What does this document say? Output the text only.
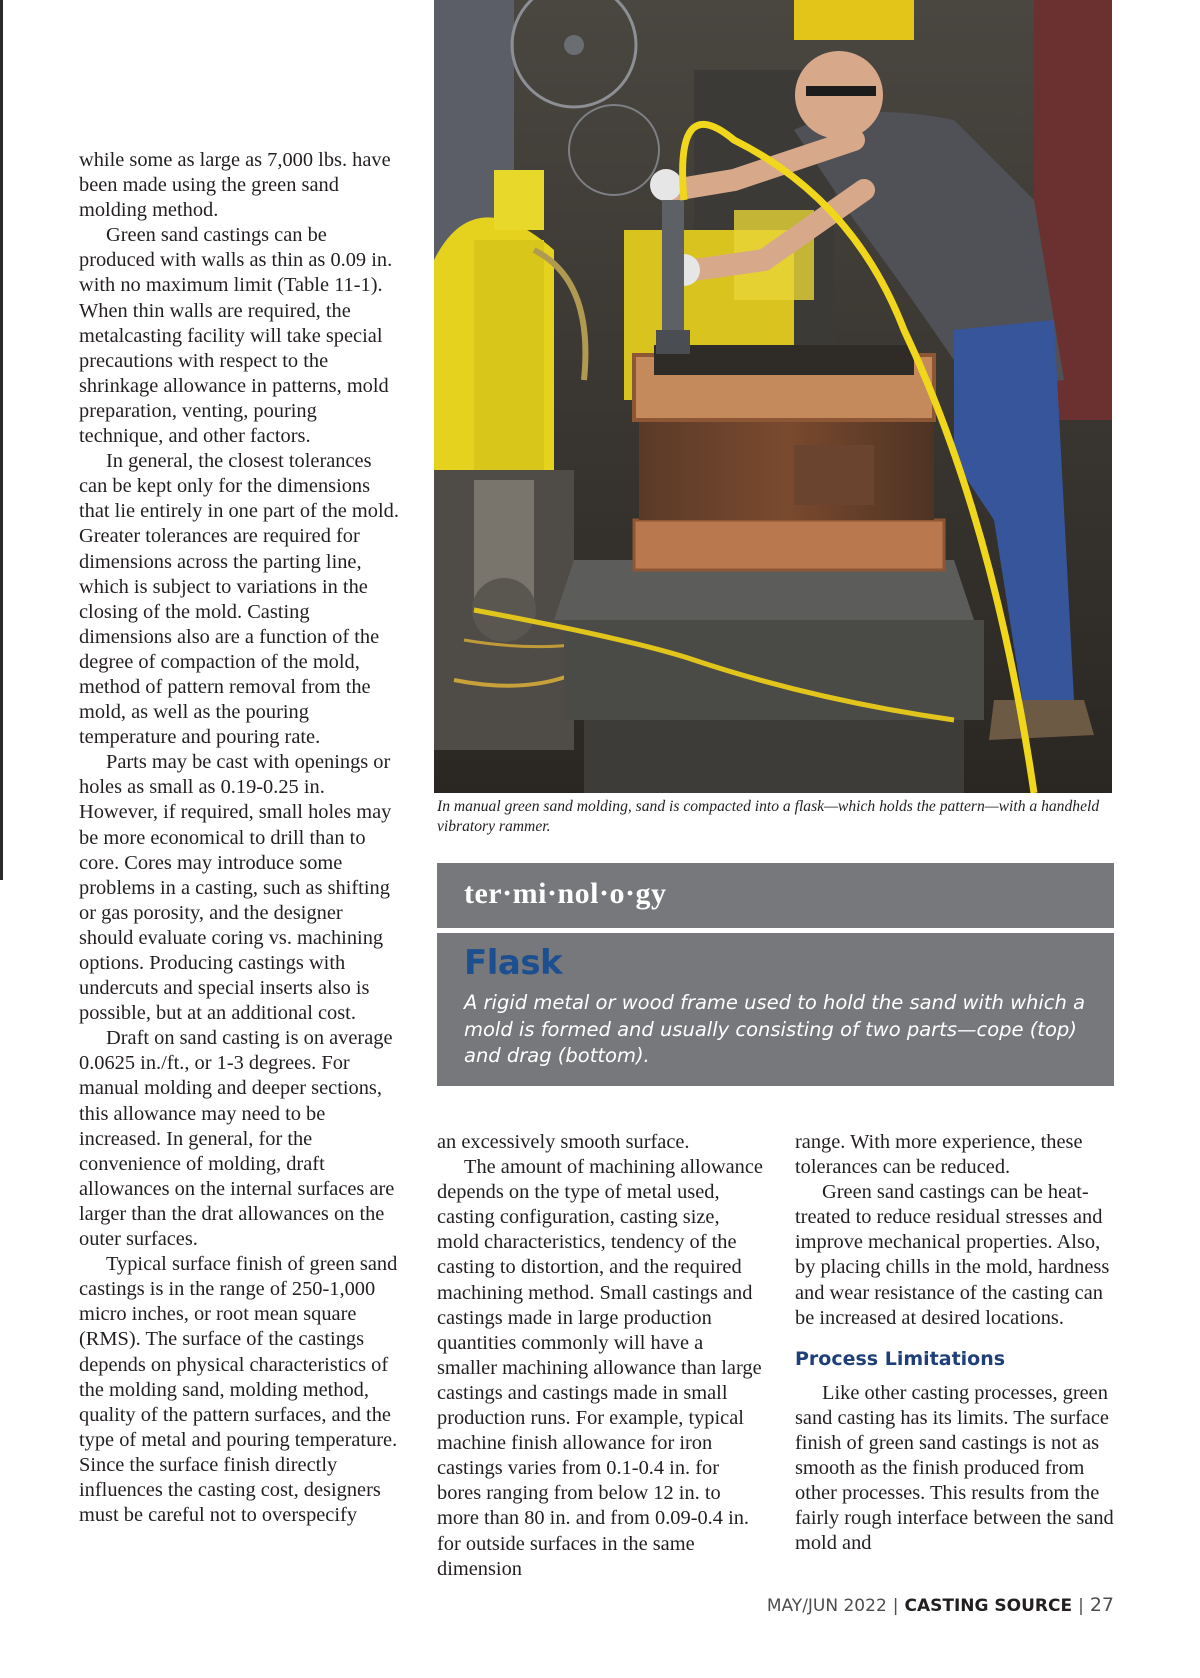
while some as large as 7,000 lbs. have been made using the green sand molding method.

Green sand castings can be produced with walls as thin as 0.09 in. with no maximum limit (Table 11-1). When thin walls are required, the metalcasting facility will take special precautions with respect to the shrinkage allowance in patterns, mold preparation, venting, pouring technique, and other factors.

In general, the closest tolerances can be kept only for the dimensions that lie entirely in one part of the mold. Greater tolerances are required for dimensions across the parting line, which is subject to variations in the closing of the mold. Casting dimensions also are a function of the degree of compaction of the mold, method of pattern removal from the mold, as well as the pouring temperature and pouring rate.

Parts may be cast with openings or holes as small as 0.19-0.25 in. However, if required, small holes may be more economical to drill than to core. Cores may introduce some problems in a casting, such as shifting or gas porosity, and the designer should evaluate coring vs. machining options. Producing castings with undercuts and special inserts also is possible, but at an additional cost.

Draft on sand casting is on average 0.0625 in./ft., or 1-3 degrees. For manual molding and deeper sections, this allowance may need to be increased. In general, for the convenience of molding, draft allowances on the internal surfaces are larger than the drat allowances on the outer surfaces.

Typical surface finish of green sand castings is in the range of 250-1,000 micro inches, or root mean square (RMS). The surface of the castings depends on physical characteristics of the molding sand, molding method, quality of the pattern surfaces, and the type of metal and pouring temperature. Since the surface finish directly influences the casting cost, designers must be careful not to overspecify

In manual green sand molding, sand is compacted into a flask—which holds the pattern—with a handheld vibratory rammer.
ter·mi·nol·o·gy
Flask
A rigid metal or wood frame used to hold the sand with which a mold is formed and usually consisting of two parts—cope (top) and drag (bottom).

an excessively smooth surface.

The amount of machining allowance depends on the type of metal used, casting configuration, casting size, mold characteristics, tendency of the casting to distortion, and the required machining method. Small castings and castings made in large production quantities commonly will have a smaller machining allowance than large castings and castings made in small production runs. For example, typical machine finish allowance for iron castings varies from 0.1-0.4 in. for bores ranging from below 12 in. to more than 80 in. and from 0.09-0.4 in. for outside surfaces in the same dimension

range. With more experience, these tolerances can be reduced.

Green sand castings can be heat-treated to reduce residual stresses and improve mechanical properties. Also, by placing chills in the mold, hardness and wear resistance of the casting can be increased at desired locations.

Process Limitations

Like other casting processes, green sand casting has its limits. The surface finish of green sand castings is not as smooth as the finish produced from other processes. This results from the fairly rough interface between the sand mold and

MAY/JUN 2022 | CASTING SOURCE | 27
